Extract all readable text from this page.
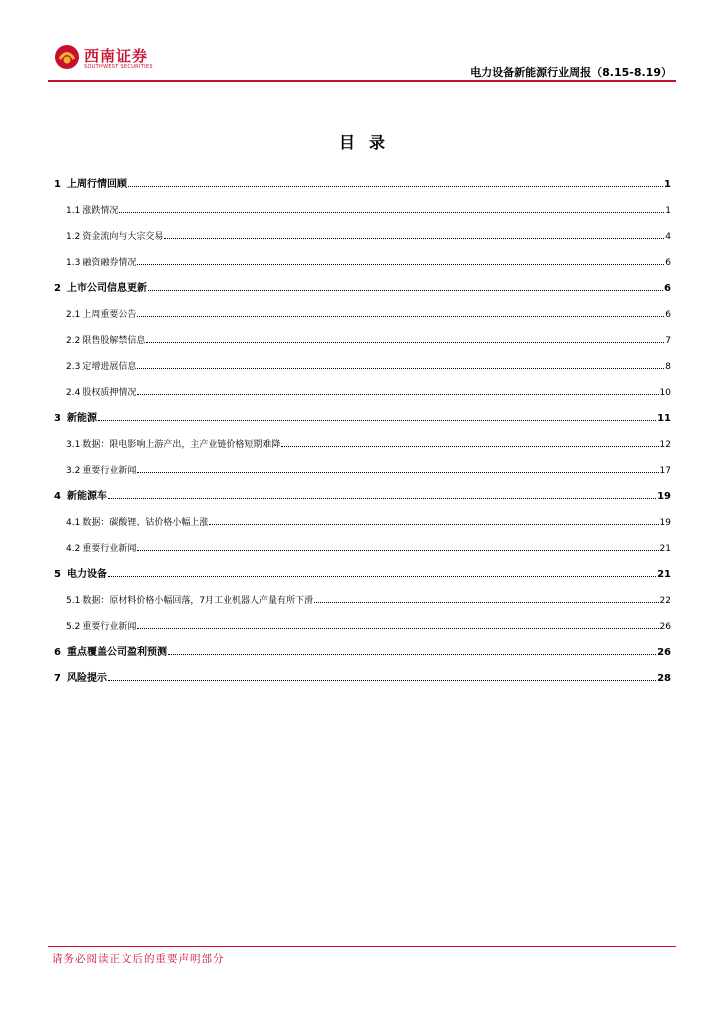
西南证券
SOUTHWEST SECURITIES	电力设备新能源行业周报（8.15-8.19）
目录
1 上周行情回顾	1
1.1 涨跌情况	1
1.2 资金流向与大宗交易	4
1.3 融资融券情况	6
2 上市公司信息更新	6
2.1 上周重要公告	6
2.2 限售股解禁信息	7
2.3 定增进展信息	8
2.4 股权质押情况	10
3 新能源	11
3.1 数据：限电影响上游产出，主产业链价格短期难降	12
3.2 重要行业新闻	17
4 新能源车	19
4.1 数据：碳酸锂、钴价格小幅上涨	19
4.2 重要行业新闻	21
5 电力设备	21
5.1 数据：原材料价格小幅回落，7月工业机器人产量有所下滑	22
5.2 重要行业新闻	26
6 重点覆盖公司盈利预测	26
7 风险提示	28
请务必阅读正文后的重要声明部分
